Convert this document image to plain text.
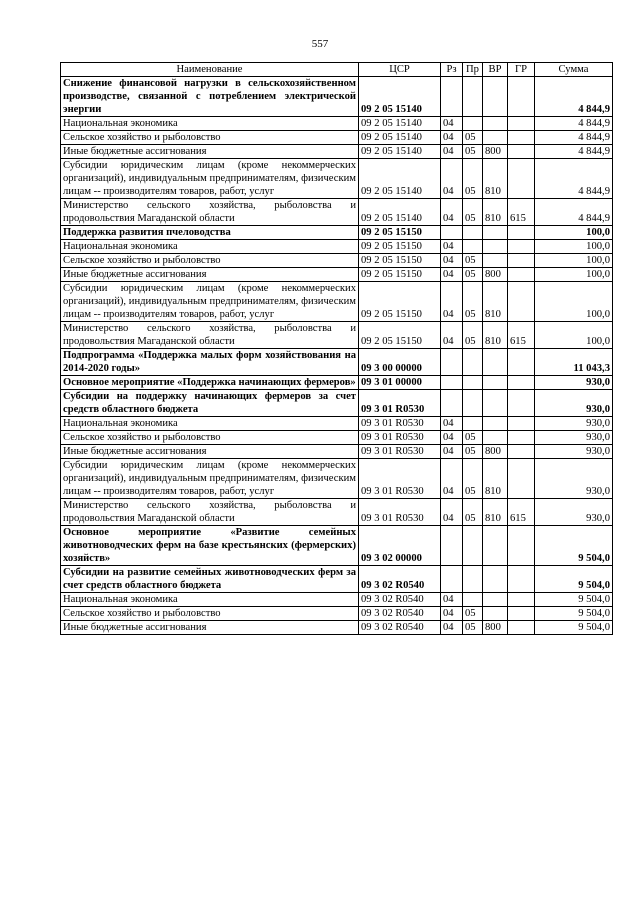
557
Наименование	ЦСР	Рз	Пр	ВР	ГР	Сумма
Снижение финансовой нагрузки в сельскохозяйственном производстве, связанной с потреблением электрической энергии	09 2 05 15140					4 844,9
Национальная экономика	09 2 05 15140	04				4 844,9
Сельское хозяйство и рыболовство	09 2 05 15140	04	05			4 844,9
Иные бюджетные ассигнования	09 2 05 15140	04	05	800		4 844,9
Субсидии юридическим лицам (кроме некоммерческих организаций), индивидуальным предпринимателям, физическим лицам -- производителям товаров, работ, услуг	09 2 05 15140	04	05	810		4 844,9
Министерство сельского хозяйства, рыболовства и продовольствия Магаданской области	09 2 05 15140	04	05	810	615	4 844,9
Поддержка развития пчеловодства	09 2 05 15150					100,0
Национальная экономика	09 2 05 15150	04				100,0
Сельское хозяйство и рыболовство	09 2 05 15150	04	05			100,0
Иные бюджетные ассигнования	09 2 05 15150	04	05	800		100,0
Субсидии юридическим лицам (кроме некоммерческих организаций), индивидуальным предпринимателям, физическим лицам -- производителям товаров, работ, услуг	09 2 05 15150	04	05	810		100,0
Министерство сельского хозяйства, рыболовства и продовольствия Магаданской области	09 2 05 15150	04	05	810	615	100,0
Подпрограмма «Поддержка малых форм хозяйствования на 2014-2020 годы»	09 3 00 00000					11 043,3
Основное мероприятие «Поддержка начинающих фермеров»	09 3 01 00000					930,0
Субсидии на поддержку начинающих фермеров за счет средств областного бюджета	09 3 01 R0530					930,0
Национальная экономика	09 3 01 R0530	04				930,0
Сельское хозяйство и рыболовство	09 3 01 R0530	04	05			930,0
Иные бюджетные ассигнования	09 3 01 R0530	04	05	800		930,0
Субсидии юридическим лицам (кроме некоммерческих организаций), индивидуальным предпринимателям, физическим лицам -- производителям товаров, работ, услуг	09 3 01 R0530	04	05	810		930,0
Министерство сельского хозяйства, рыболовства и продовольствия Магаданской области	09 3 01 R0530	04	05	810	615	930,0
Основное мероприятие «Развитие семейных животноводческих ферм на базе крестьянских (фермерских) хозяйств»	09 3 02 00000					9 504,0
Субсидии на развитие семейных животноводческих ферм за счет средств областного бюджета	09 3 02 R0540					9 504,0
Национальная экономика	09 3 02 R0540	04				9 504,0
Сельское хозяйство и рыболовство	09 3 02 R0540	04	05			9 504,0
Иные бюджетные ассигнования	09 3 02 R0540	04	05	800		9 504,0
